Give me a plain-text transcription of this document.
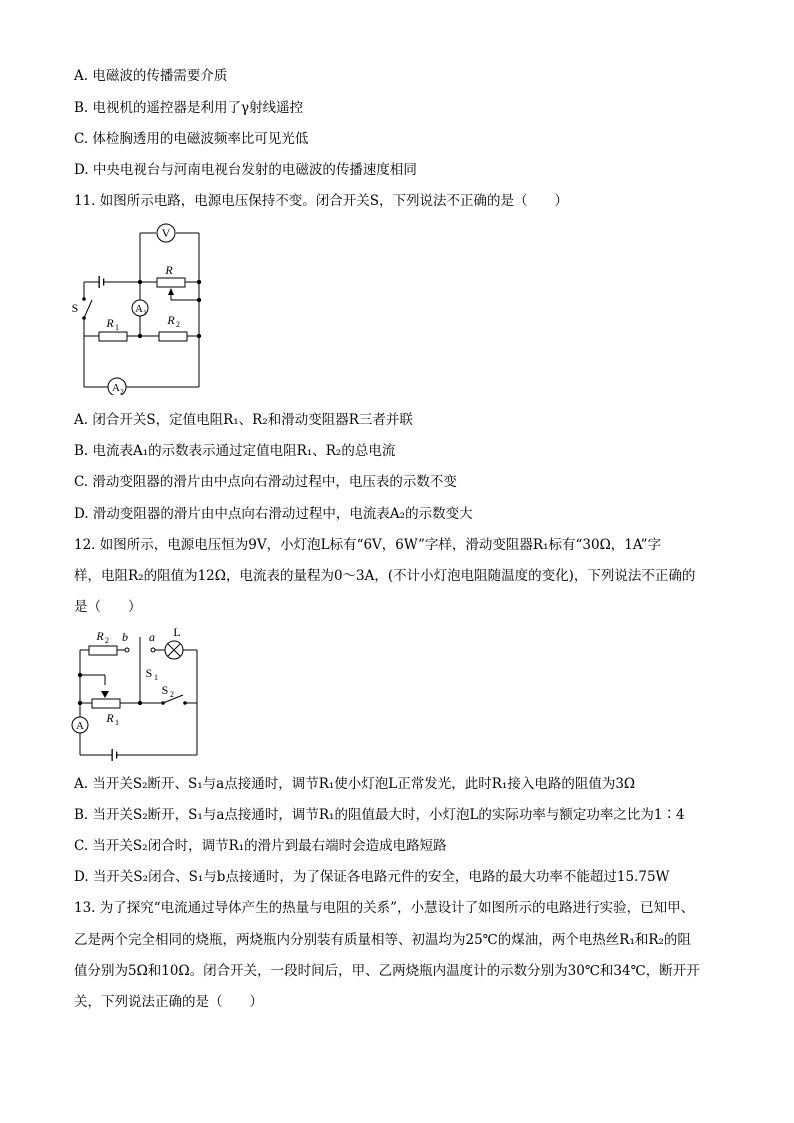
A. 电磁波的传播需要介质
B. 电视机的遥控器是利用了γ射线遥控
C. 体检胸透用的电磁波频率比可见光低
D. 中央电视台与河南电视台发射的电磁波的传播速度相同
11. 如图所示电路，电源电压保持不变。闭合开关S，下列说法不正确的是（　　）
V
R
S
R 1
R 2
A 1
A 2
A. 闭合开关S，定值电阻R₁、R₂和滑动变阻器R三者并联
B. 电流表A₁的示数表示通过定值电阻R₁、R₂的总电流
C. 滑动变阻器的滑片由中点向右滑动过程中，电压表的示数不变
D. 滑动变阻器的滑片由中点向右滑动过程中，电流表A₂的示数变大
12. 如图所示，电源电压恒为9V，小灯泡L标有“6V，6W”字样，滑动变阻器R₁标有“30Ω，1A”字
样，电阻R₂的阻值为12Ω，电流表的量程为0～3A，(不计小灯泡电阻随温度的变化)，下列说法不正确的
是（　　）
R 2 b a L
S 1
S 2
R 1
A
A. 当开关S₂断开、S₁与a点接通时，调节R₁使小灯泡L正常发光，此时R₁接入电路的阻值为3Ω
B. 当开关S₂断开，S₁与a点接通时，调节R₁的阻值最大时，小灯泡L的实际功率与额定功率之比为1∶4
C. 当开关S₂闭合时，调节R₁的滑片到最右端时会造成电路短路
D. 当开关S₂闭合、S₁与b点接通时，为了保证各电路元件的安全，电路的最大功率不能超过15.75W
13. 为了探究“电流通过导体产生的热量与电阻的关系”，小慧设计了如图所示的电路进行实验，已知甲、
乙是两个完全相同的烧瓶，两烧瓶内分别装有质量相等、初温均为25℃的煤油，两个电热丝R₁和R₂的阻
值分别为5Ω和10Ω。闭合开关，一段时间后，甲、乙两烧瓶内温度计的示数分别为30℃和34℃，断开开
关，下列说法正确的是（　　）
